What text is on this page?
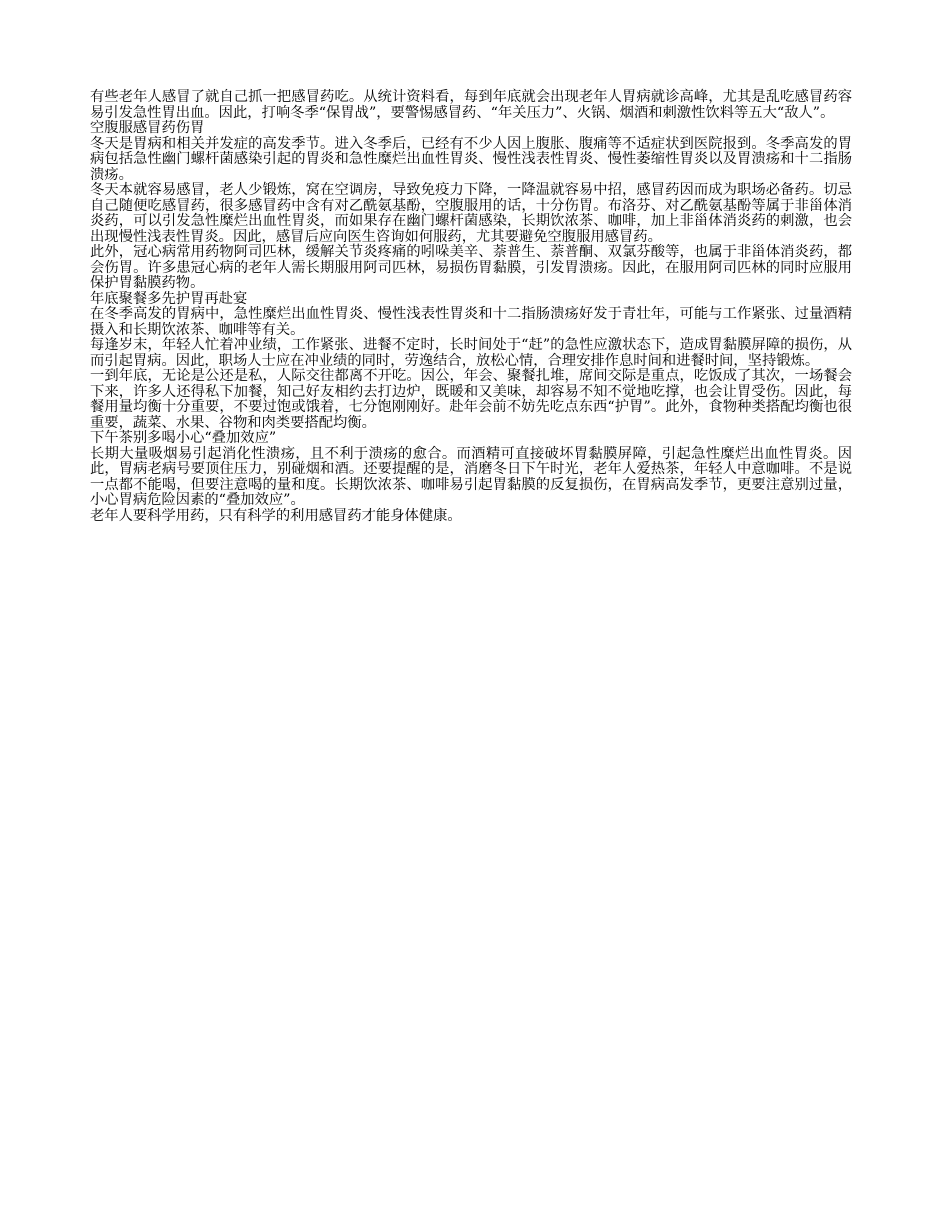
有些老年人感冒了就自己抓一把感冒药吃。从统计资料看，每到年底就会出现老年人胃病就诊高峰，尤其是乱吃感冒药容易引发急性胃出血。因此，打响冬季“保胃战”，要警惕感冒药、“年关压力”、火锅、烟酒和刺激性饮料等五大“敌人”。

空腹服感冒药伤胃

冬天是胃病和相关并发症的高发季节。进入冬季后，已经有不少人因上腹胀、腹痛等不适症状到医院报到。冬季高发的胃病包括急性幽门螺杆菌感染引起的胃炎和急性糜烂出血性胃炎、慢性浅表性胃炎、慢性萎缩性胃炎以及胃溃疡和十二指肠溃疡。

冬天本就容易感冒，老人少锻炼，窝在空调房，导致免疫力下降，一降温就容易中招，感冒药因而成为职场必备药。切忌自己随便吃感冒药，很多感冒药中含有对乙酰氨基酚，空腹服用的话，十分伤胃。布洛芬、对乙酰氨基酚等属于非甾体消炎药，可以引发急性糜烂出血性胃炎，而如果存在幽门螺杆菌感染，长期饮浓茶、咖啡，加上非甾体消炎药的刺激，也会出现慢性浅表性胃炎。因此，感冒后应向医生咨询如何服药，尤其要避免空腹服用感冒药。

此外，冠心病常用药物阿司匹林，缓解关节炎疼痛的吲哚美辛、萘普生、萘普酮、双氯芬酸等，也属于非甾体消炎药，都会伤胃。许多患冠心病的老年人需长期服用阿司匹林，易损伤胃黏膜，引发胃溃疡。因此，在服用阿司匹林的同时应服用保护胃黏膜药物。

年底聚餐多先护胃再赴宴

在冬季高发的胃病中，急性糜烂出血性胃炎、慢性浅表性胃炎和十二指肠溃疡好发于青壮年，可能与工作紧张、过量酒精摄入和长期饮浓茶、咖啡等有关。

每逢岁末，年轻人忙着冲业绩，工作紧张、进餐不定时，长时间处于“赶”的急性应激状态下，造成胃黏膜屏障的损伤，从而引起胃病。因此，职场人士应在冲业绩的同时，劳逸结合，放松心情，合理安排作息时间和进餐时间，坚持锻炼。

一到年底，无论是公还是私，人际交往都离不开吃。因公，年会、聚餐扎堆，席间交际是重点，吃饭成了其次，一场餐会下来，许多人还得私下加餐，知己好友相约去打边炉，既暖和又美味，却容易不知不觉地吃撑，也会让胃受伤。因此，每餐用量均衡十分重要，不要过饱或饿着，七分饱刚刚好。赴年会前不妨先吃点东西“护胃”。此外，食物种类搭配均衡也很重要，蔬菜、水果、谷物和肉类要搭配均衡。

下午茶别多喝小心“叠加效应”

长期大量吸烟易引起消化性溃疡，且不利于溃疡的愈合。而酒精可直接破坏胃黏膜屏障，引起急性糜烂出血性胃炎。因此，胃病老病号要顶住压力，别碰烟和酒。还要提醒的是，消磨冬日下午时光，老年人爱热茶，年轻人中意咖啡。不是说一点都不能喝，但要注意喝的量和度。长期饮浓茶、咖啡易引起胃黏膜的反复损伤，在胃病高发季节，更要注意别过量，小心胃病危险因素的“叠加效应”。

老年人要科学用药，只有科学的利用感冒药才能身体健康。
